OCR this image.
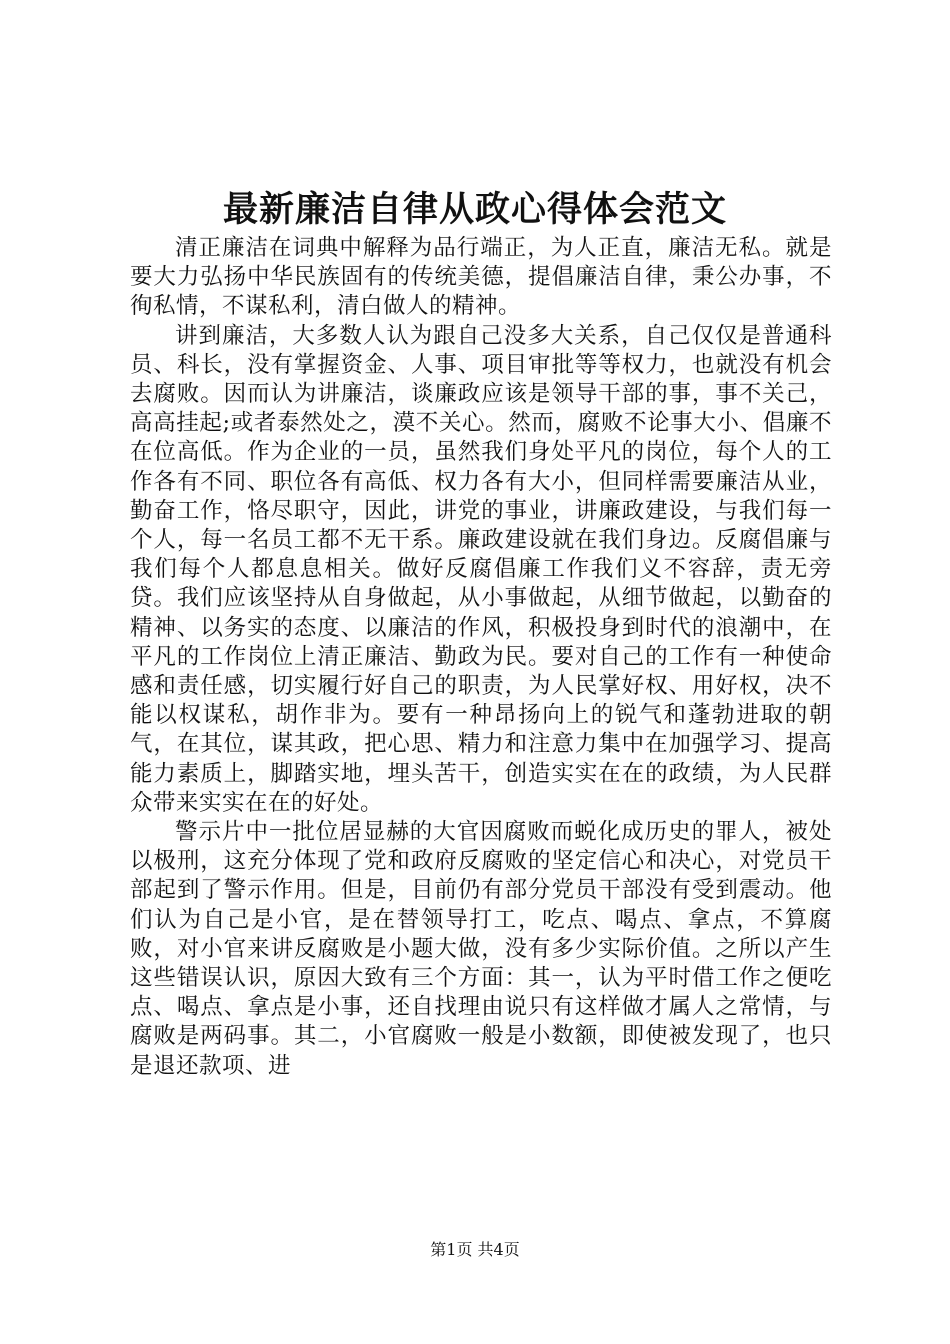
最新廉洁自律从政心得体会范文

清正廉洁在词典中解释为品行端正，为人正直，廉洁无私。就是要大力弘扬中华民族固有的传统美德，提倡廉洁自律，秉公办事，不徇私情，不谋私利，清白做人的精神。

讲到廉洁，大多数人认为跟自己没多大关系，自己仅仅是普通科员、科长，没有掌握资金、人事、项目审批等等权力，也就没有机会去腐败。因而认为讲廉洁，谈廉政应该是领导干部的事，事不关己，高高挂起;或者泰然处之，漠不关心。然而，腐败不论事大小、倡廉不在位高低。作为企业的一员，虽然我们身处平凡的岗位，每个人的工作各有不同、职位各有高低、权力各有大小，但同样需要廉洁从业，勤奋工作，恪尽职守，因此，讲党的事业，讲廉政建设，与我们每一个人，每一名员工都不无干系。廉政建设就在我们身边。反腐倡廉与我们每个人都息息相关。做好反腐倡廉工作我们义不容辞，责无旁贷。我们应该坚持从自身做起，从小事做起，从细节做起，以勤奋的精神、以务实的态度、以廉洁的作风，积极投身到时代的浪潮中，在平凡的工作岗位上清正廉洁、勤政为民。要对自己的工作有一种使命感和责任感，切实履行好自己的职责，为人民掌好权、用好权，决不能以权谋私，胡作非为。要有一种昂扬向上的锐气和蓬勃进取的朝气，在其位，谋其政，把心思、精力和注意力集中在加强学习、提高能力素质上，脚踏实地，埋头苦干，创造实实在在的政绩，为人民群众带来实实在在的好处。

警示片中一批位居显赫的大官因腐败而蜕化成历史的罪人，被处以极刑，这充分体现了党和政府反腐败的坚定信心和决心，对党员干部起到了警示作用。但是，目前仍有部分党员干部没有受到震动。他们认为自己是小官，是在替领导打工，吃点、喝点、拿点，不算腐败，对小官来讲反腐败是小题大做，没有多少实际价值。之所以产生这些错误认识，原因大致有三个方面：其一，认为平时借工作之便吃点、喝点、拿点是小事，还自找理由说只有这样做才属人之常情，与腐败是两码事。其二，小官腐败一般是小数额，即使被发现了，也只是退还款项、进

第1页 共4页
